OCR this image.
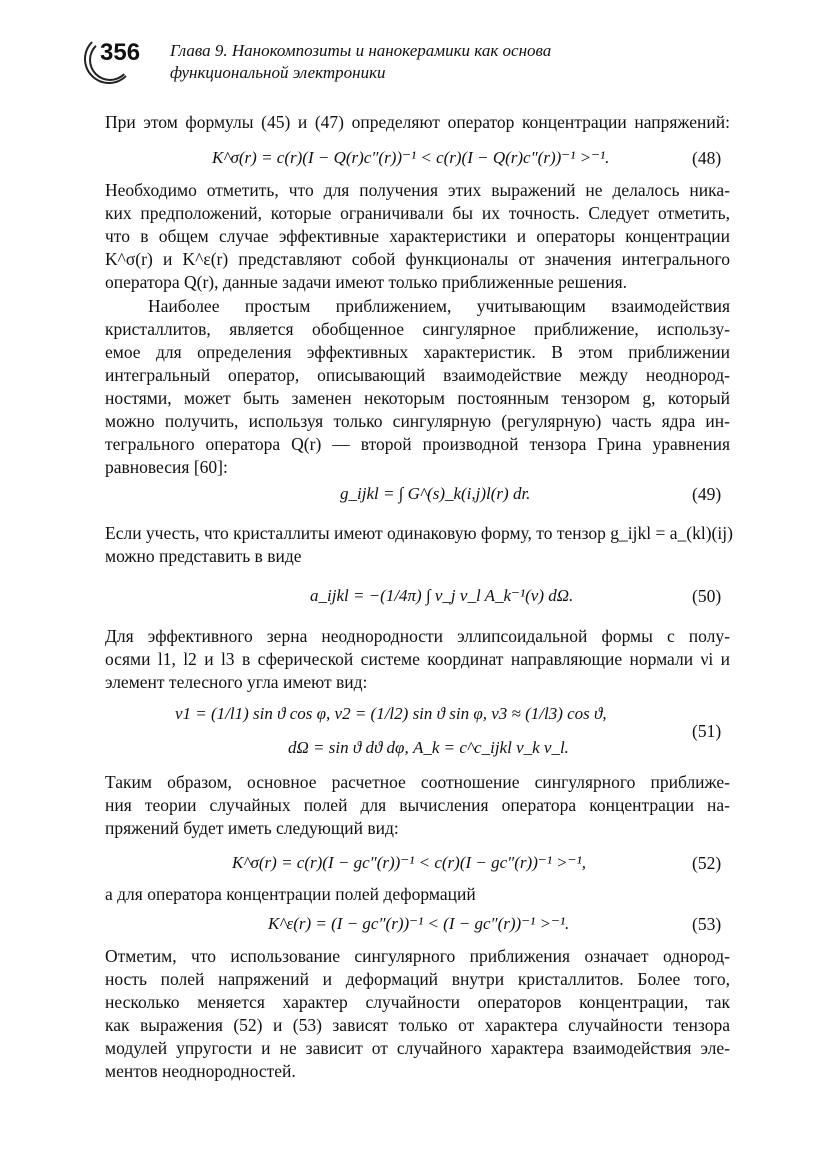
356 Глава 9. Нанокомпозиты и нанокерамики как основа
функциональной электроники
При этом формулы (45) и (47) определяют оператор концентрации напряжений:
K^σ(r) = c(r)(I − Q(r)c″(r))⁻¹ < c(r)(I − Q(r)c″(r))⁻¹ >⁻¹.	(48)
Необходимо отметить, что для получения этих выражений не делалось ника-
ких предположений, которые ограничивали бы их точность. Следует отметить,
что в общем случае эффективные характеристики и операторы концентрации
K^σ(r) и K^ε(r) представляют собой функционалы от значения интегрального
оператора Q(r), данные задачи имеют только приближенные решения.
Наиболее простым приближением, учитывающим взаимодействия
кристаллитов, является обобщенное сингулярное приближение, использу-
емое для определения эффективных характеристик. В этом приближении
интегральный оператор, описывающий взаимодействие между неоднород-
ностями, может быть заменен некоторым постоянным тензором g, который
можно получить, используя только сингулярную (регулярную) часть ядра ин-
тегрального оператора Q(r) — второй производной тензора Грина уравнения
равновесия [60]:
g_ijkl = ∫ G^(s)_k(i,j)l(r) dr.	(49)
Если учесть, что кристаллиты имеют одинаковую форму, то тензор g_ijkl = a_(kl)(ij)
можно представить в виде
a_ijkl = −(1/4π) ∫ ν_j ν_l A_k⁻¹(ν) dΩ.	(50)
Для эффективного зерна неоднородности эллипсоидальной формы с полу-
осями l1, l2 и l3 в сферической системе координат направляющие нормали νi и
элемент телесного угла имеют вид:
ν1 = (1/l1) sin ϑ cos φ, ν2 = (1/l2) sin ϑ sin φ, ν3 ≈ (1/l3) cos ϑ,
dΩ = sin ϑ dϑ dφ, A_k = c^c_ijkl ν_k ν_l.
(51)
Таким образом, основное расчетное соотношение сингулярного приближе-
ния теории случайных полей для вычисления оператора концентрации на-
пряжений будет иметь следующий вид:
K^σ(r) = c(r)(I − gc″(r))⁻¹ < c(r)(I − gc″(r))⁻¹ >⁻¹,	(52)
а для оператора концентрации полей деформаций
K^ε(r) = (I − gc″(r))⁻¹ < (I − gc″(r))⁻¹ >⁻¹.	(53)
Отметим, что использование сингулярного приближения означает однород-
ность полей напряжений и деформаций внутри кристаллитов. Более того,
несколько меняется характер случайности операторов концентрации, так
как выражения (52) и (53) зависят только от характера случайности тензора
модулей упругости и не зависит от случайного характера взаимодействия эле-
ментов неоднородностей.
